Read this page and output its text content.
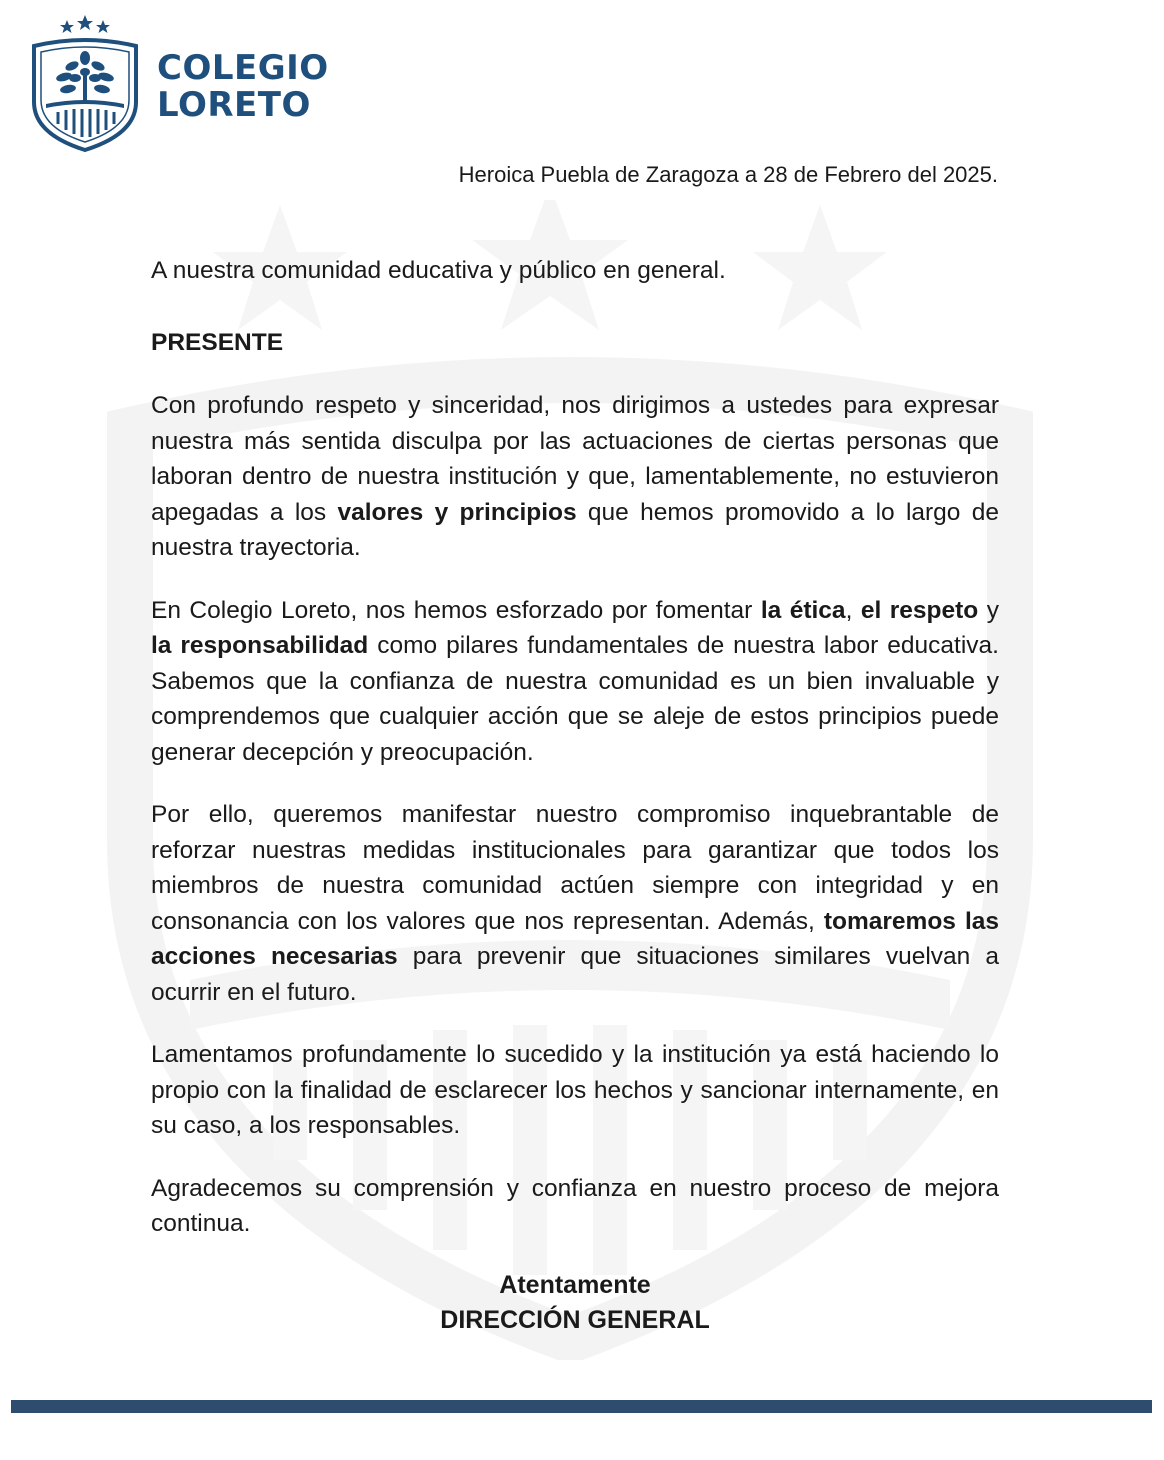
COLEGIO
LORETO
Heroica Puebla de Zaragoza a 28 de Febrero del 2025.

A nuestra comunidad educativa y público en general.

PRESENTE

Con profundo respeto y sinceridad, nos dirigimos a ustedes para expresar nuestra más sentida disculpa por las actuaciones de ciertas personas que laboran dentro de nuestra institución y que, lamentablemente, no estuvieron apegadas a los valores y principios que hemos promovido a lo largo de nuestra trayectoria.

En Colegio Loreto, nos hemos esforzado por fomentar la ética, el respeto y la responsabilidad como pilares fundamentales de nuestra labor educativa. Sabemos que la confianza de nuestra comunidad es un bien invaluable y comprendemos que cualquier acción que se aleje de estos principios puede generar decepción y preocupación.

Por ello, queremos manifestar nuestro compromiso inquebrantable de reforzar nuestras medidas institucionales para garantizar que todos los miembros de nuestra comunidad actúen siempre con integridad y en consonancia con los valores que nos representan. Además, tomaremos las acciones necesarias para prevenir que situaciones similares vuelvan a ocurrir en el futuro.

Lamentamos profundamente lo sucedido y la institución ya está haciendo lo propio con la finalidad de esclarecer los hechos y sancionar internamente, en su caso, a los responsables.

Agradecemos su comprensión y confianza en nuestro proceso de mejora continua.

Atentamente
DIRECCIÓN GENERAL
